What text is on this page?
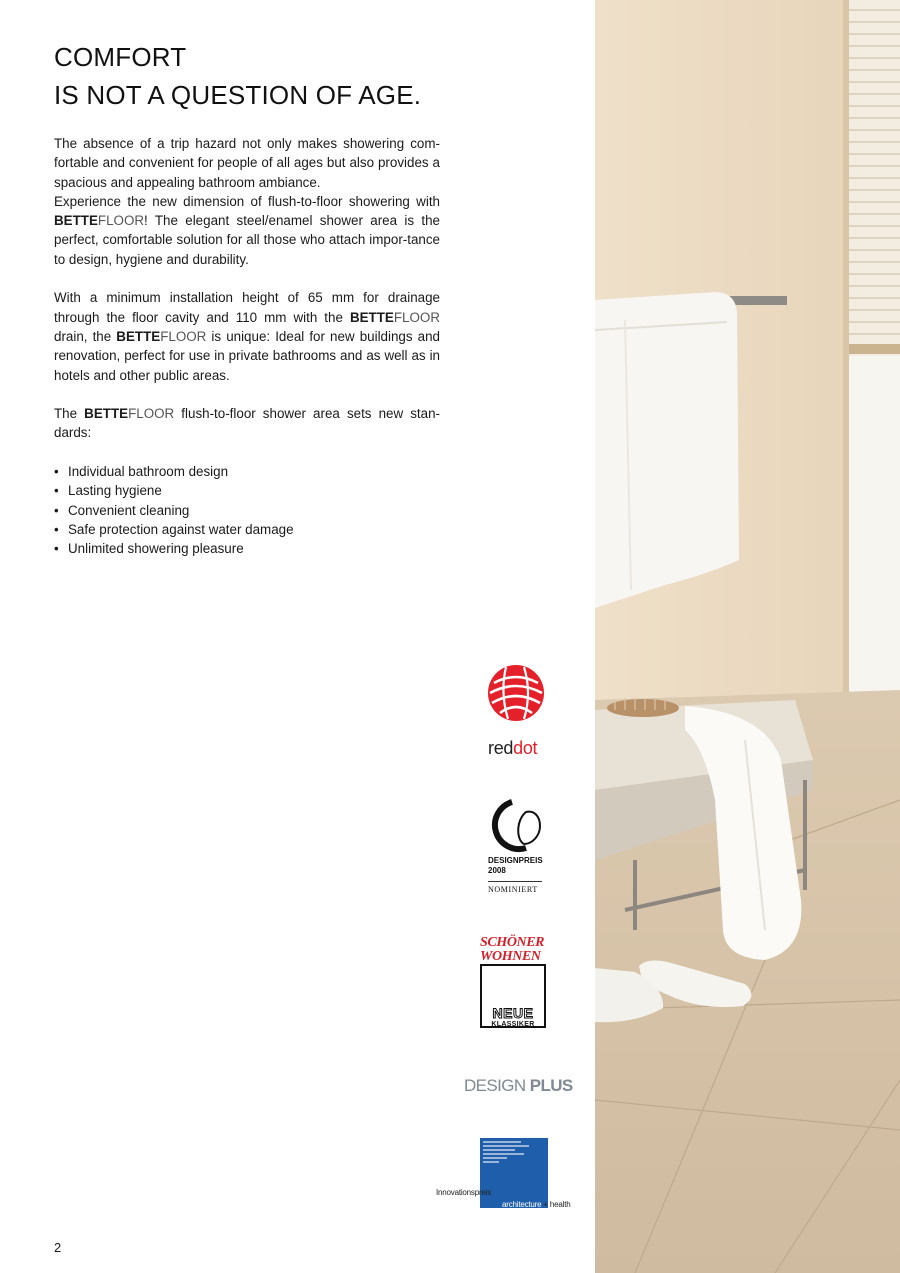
COMFORT
IS NOT A QUESTION OF AGE.

The absence of a trip hazard not only makes showering com-fortable and convenient for people of all ages but also provides a spacious and appealing bathroom ambiance.

Experience the new dimension of flush-to-floor showering with BETTEFLOOR! The elegant steel/enamel shower area is the perfect, comfortable solution for all those who attach impor-tance to design, hygiene and durability.

With a minimum installation height of 65 mm for drainage through the floor cavity and 110 mm with the BETTEFLOOR drain, the BETTEFLOOR is unique: Ideal for new buildings and renovation, perfect for use in private bathrooms and as well as in hotels and other public areas.

The BETTEFLOOR flush-to-floor shower area sets new stan-dards:

• Individual bathroom design
• Lasting hygiene
• Convenient cleaning
• Safe protection against water damage
• Unlimited showering pleasure
reddot
DESIGNPREIS
2008
NOMINIERT
SCHÖNER
WOHNEN
NEUE
KLASSIKER
DESIGN PLUS
Innovationspreis
architecture + health
2
